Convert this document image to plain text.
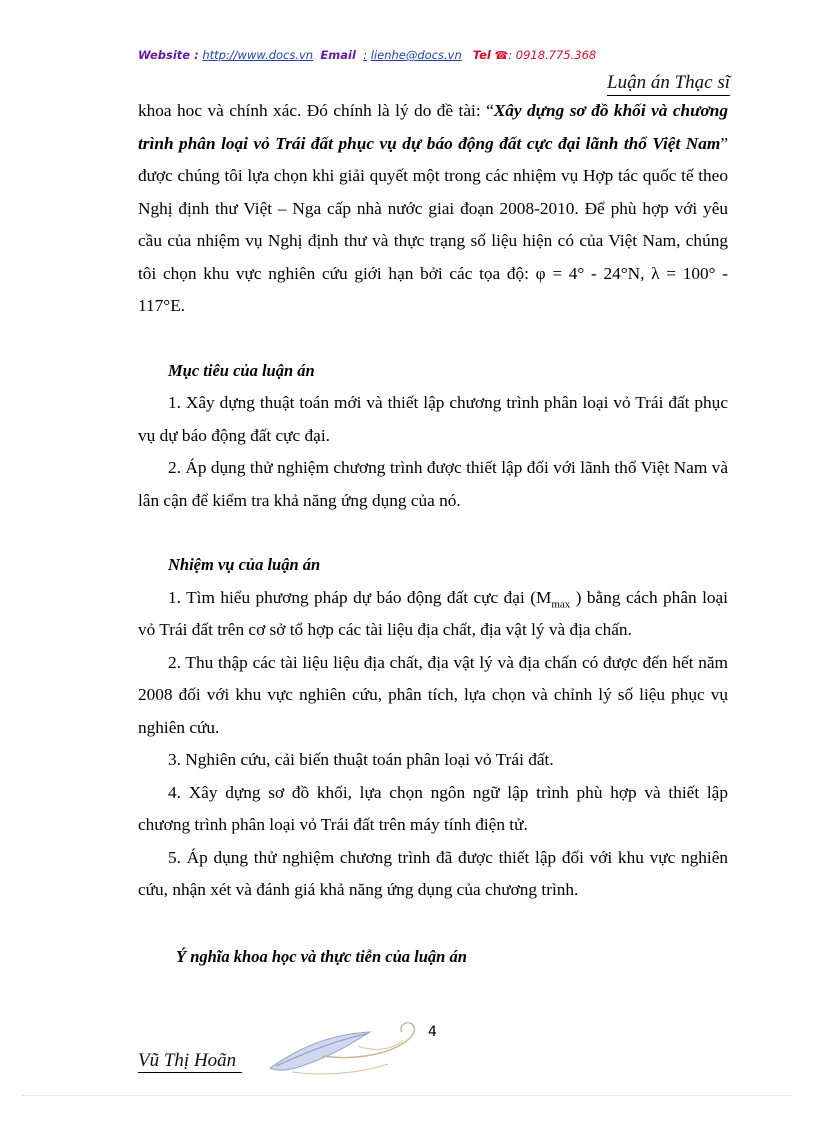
Website : http://www.docs.vn Email : lienhe@docs.vn Tel ☎: 0918.775.368
Luận án Thạc sĩ

khoa hoc và chính xác. Đó chính là lý do đề tài: “Xây dựng sơ đồ khối và chương trình phân loại vỏ Trái đất phục vụ dự báo động đất cực đại lãnh thổ Việt Nam” được chúng tôi lựa chọn khi giải quyết một trong các nhiệm vụ Hợp tác quốc tế theo Nghị định thư Việt – Nga cấp nhà nước giai đoạn 2008-2010. Để phù hợp với yêu cầu của nhiệm vụ Nghị định thư và thực trạng số liệu hiện có của Việt Nam, chúng tôi chọn khu vực nghiên cứu giới hạn bởi các tọa độ: φ = 4° - 24°N, λ = 100° - 117°E.

Mục tiêu của luận án

1. Xây dựng thuật toán mới và thiết lập chương trình phân loại vỏ Trái đất phục vụ dự báo động đất cực đại.

2. Áp dụng thử nghiệm chương trình được thiết lập đối với lãnh thổ Việt Nam và lân cận để kiểm tra khả năng ứng dụng của nó.

Nhiệm vụ của luận án

1. Tìm hiểu phương pháp dự báo động đất cực đại ($M_{max}$ ) bằng cách phân loại vỏ Trái đất trên cơ sở tổ hợp các tài liệu địa chất, địa vật lý và địa chấn.

2. Thu thập các tài liệu liệu địa chất, địa vật lý và địa chấn có được đến hết năm 2008 đối với khu vực nghiên cứu, phân tích, lựa chọn và chỉnh lý số liệu phục vụ nghiên cứu.

3. Nghiên cứu, cải biến thuật toán phân loại vỏ Trái đất.

4. Xây dựng sơ đồ khối, lựa chọn ngôn ngữ lập trình phù hợp và thiết lập chương trình phân loại vỏ Trái đất trên máy tính điện tử.

5. Áp dụng thử nghiệm chương trình đã được thiết lập đối với khu vực nghiên cứu, nhận xét và đánh giá khả năng ứng dụng của chương trình.

Ý nghĩa khoa học và thực tiễn của luận án

4
Vũ Thị Hoãn
